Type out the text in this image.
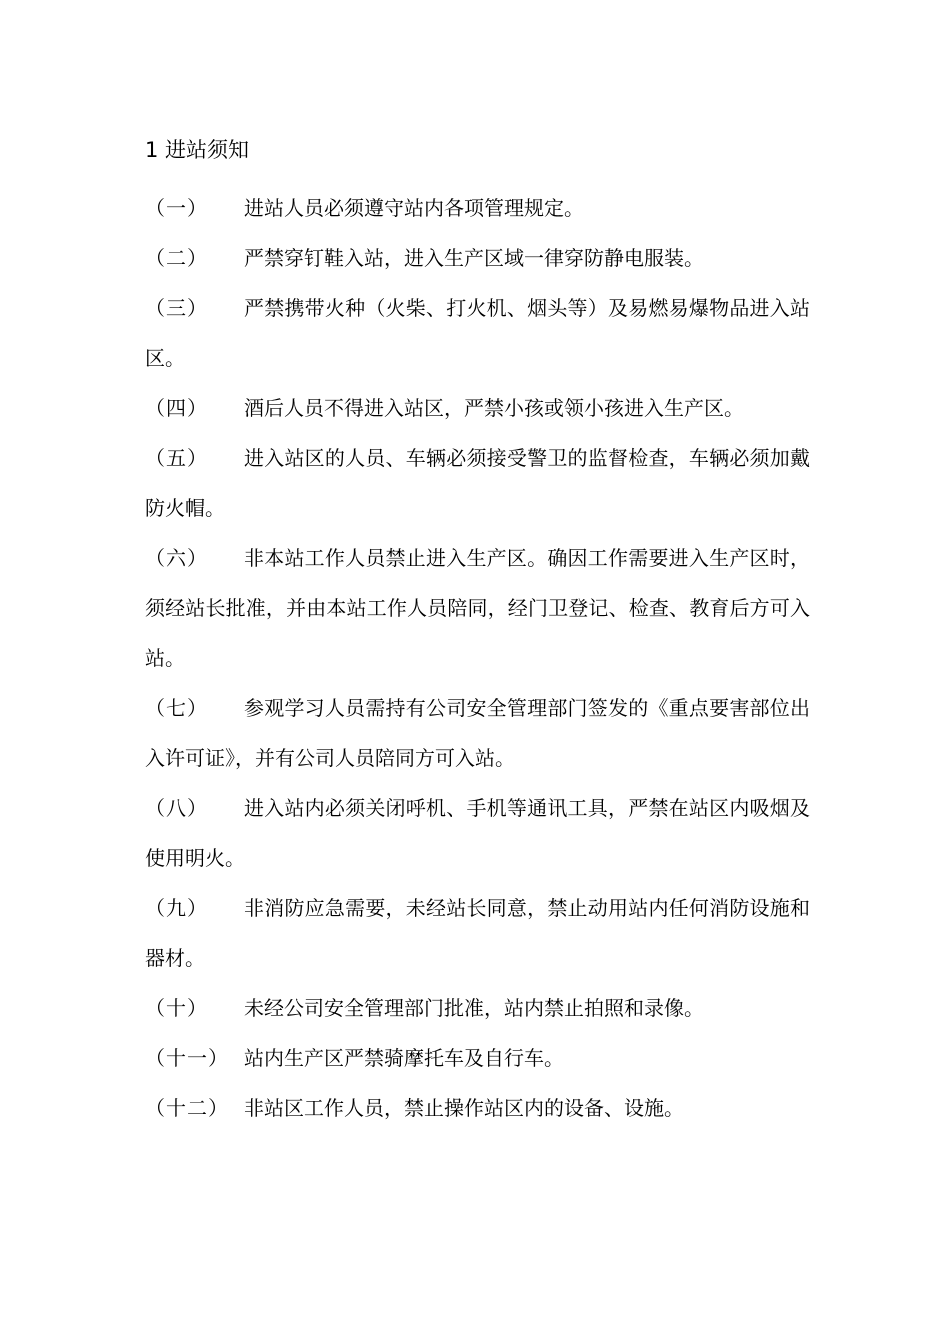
1 进站须知
（一）	进站人员必须遵守站内各项管理规定。
（二）	严禁穿钉鞋入站，进入生产区域一律穿防静电服装。
（三）	严禁携带火种（火柴、打火机、烟头等）及易燃易爆物品进入站区。
（四）	酒后人员不得进入站区，严禁小孩或领小孩进入生产区。
（五）	进入站区的人员、车辆必须接受警卫的监督检查，车辆必须加戴防火帽。
（六）	非本站工作人员禁止进入生产区。确因工作需要进入生产区时，须经站长批准，并由本站工作人员陪同，经门卫登记、检查、教育后方可入站。
（七）	参观学习人员需持有公司安全管理部门签发的《重点要害部位出入许可证》，并有公司人员陪同方可入站。
（八）	进入站内必须关闭呼机、手机等通讯工具，严禁在站区内吸烟及使用明火。
（九）	非消防应急需要，未经站长同意，禁止动用站内任何消防设施和器材。
（十）	未经公司安全管理部门批准，站内禁止拍照和录像。
（十一） 站内生产区严禁骑摩托车及自行车。
（十二） 非站区工作人员，禁止操作站区内的设备、设施。
